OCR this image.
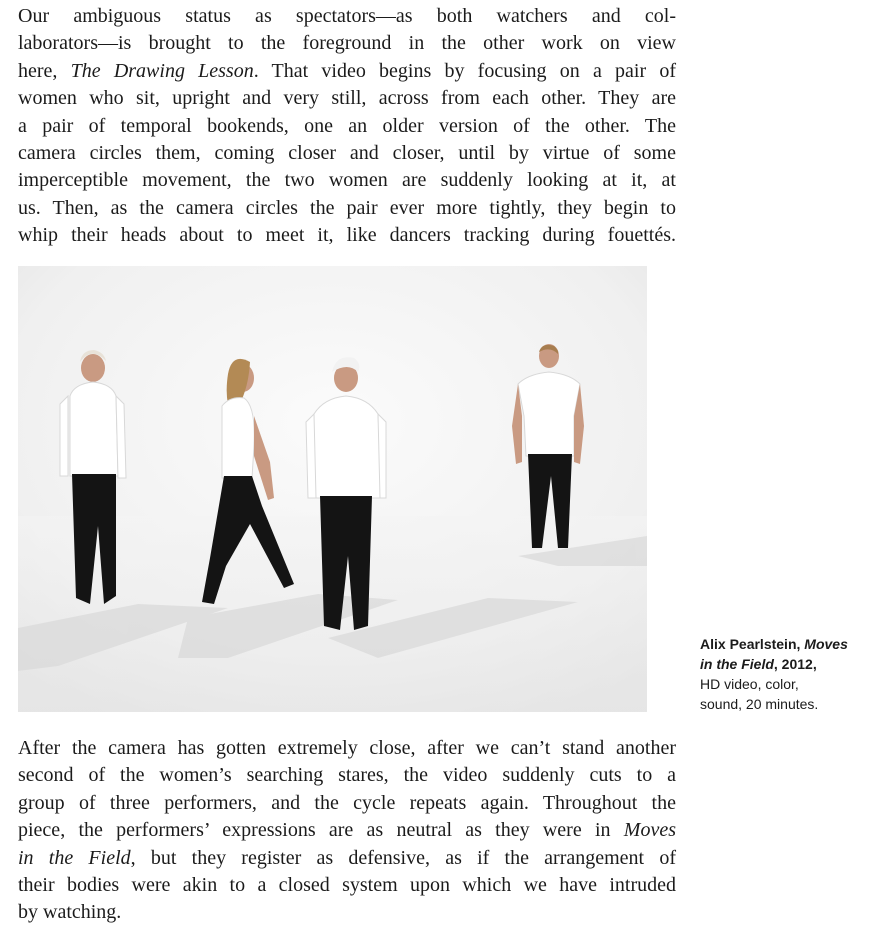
Our ambiguous status as spectators—as both watchers and col-
laborators—is brought to the foreground in the other work on view
here, The Drawing Lesson. That video begins by focusing on a pair of
women who sit, upright and very still, across from each other. They are
a pair of temporal bookends, one an older version of the other. The
camera circles them, coming closer and closer, until by virtue of some
imperceptible movement, the two women are suddenly looking at it, at
us. Then, as the camera circles the pair ever more tightly, they begin to
whip their heads about to meet it, like dancers tracking during fouettés.
Alix Pearlstein, Moves
in the Field, 2012,
HD video, color,
sound, 20 minutes.
After the camera has gotten extremely close, after we can’t stand another
second of the women’s searching stares, the video suddenly cuts to a
group of three performers, and the cycle repeats again. Throughout the
piece, the performers’ expressions are as neutral as they were in Moves
in the Field, but they register as defensive, as if the arrangement of
their bodies were akin to a closed system upon which we have intruded
by watching.
